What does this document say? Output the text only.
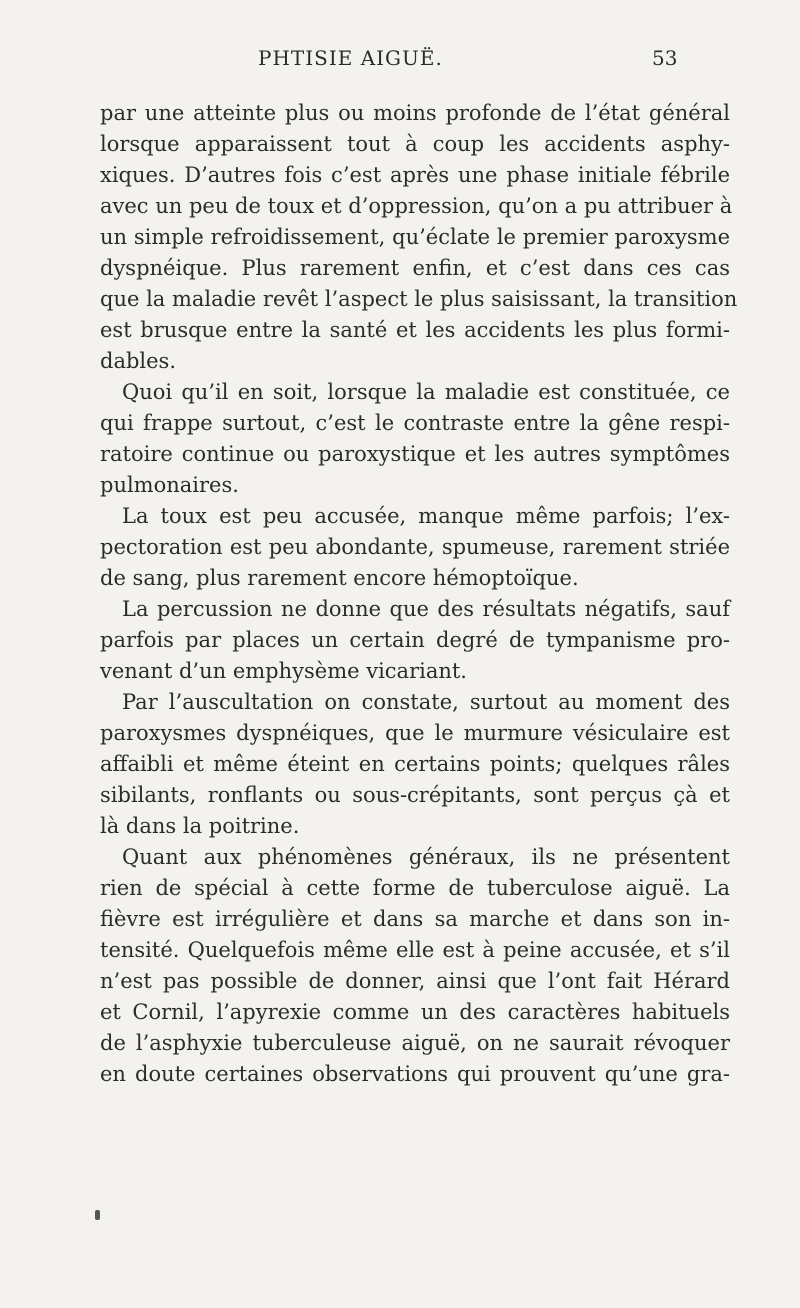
PHTISIE AIGUË.	53
par une atteinte plus ou moins profonde de l’état général
lorsque apparaissent tout à coup les accidents asphy-
xiques. D’autres fois c’est après une phase initiale fébrile
avec un peu de toux et d’oppression, qu’on a pu attribuer à
un simple refroidissement, qu’éclate le premier paroxysme
dyspnéique. Plus rarement enfin, et c’est dans ces cas
que la maladie revêt l’aspect le plus saisissant, la transition
est brusque entre la santé et les accidents les plus formi-
dables.
Quoi qu’il en soit, lorsque la maladie est constituée, ce
qui frappe surtout, c’est le contraste entre la gêne respi-
ratoire continue ou paroxystique et les autres symptômes
pulmonaires.
La toux est peu accusée, manque même parfois; l’ex-
pectoration est peu abondante, spumeuse, rarement striée
de sang, plus rarement encore hémoptoïque.
La percussion ne donne que des résultats négatifs, sauf
parfois par places un certain degré de tympanisme pro-
venant d’un emphysème vicariant.
Par l’auscultation on constate, surtout au moment des
paroxysmes dyspnéiques, que le murmure vésiculaire est
affaibli et même éteint en certains points; quelques râles
sibilants, ronflants ou sous-crépitants, sont perçus çà et
là dans la poitrine.
Quant aux phénomènes généraux, ils ne présentent
rien de spécial à cette forme de tuberculose aiguë. La
fièvre est irrégulière et dans sa marche et dans son in-
tensité. Quelquefois même elle est à peine accusée, et s’il
n’est pas possible de donner, ainsi que l’ont fait Hérard
et Cornil, l’apyrexie comme un des caractères habituels
de l’asphyxie tuberculeuse aiguë, on ne saurait révoquer
en doute certaines observations qui prouvent qu’une gra-
